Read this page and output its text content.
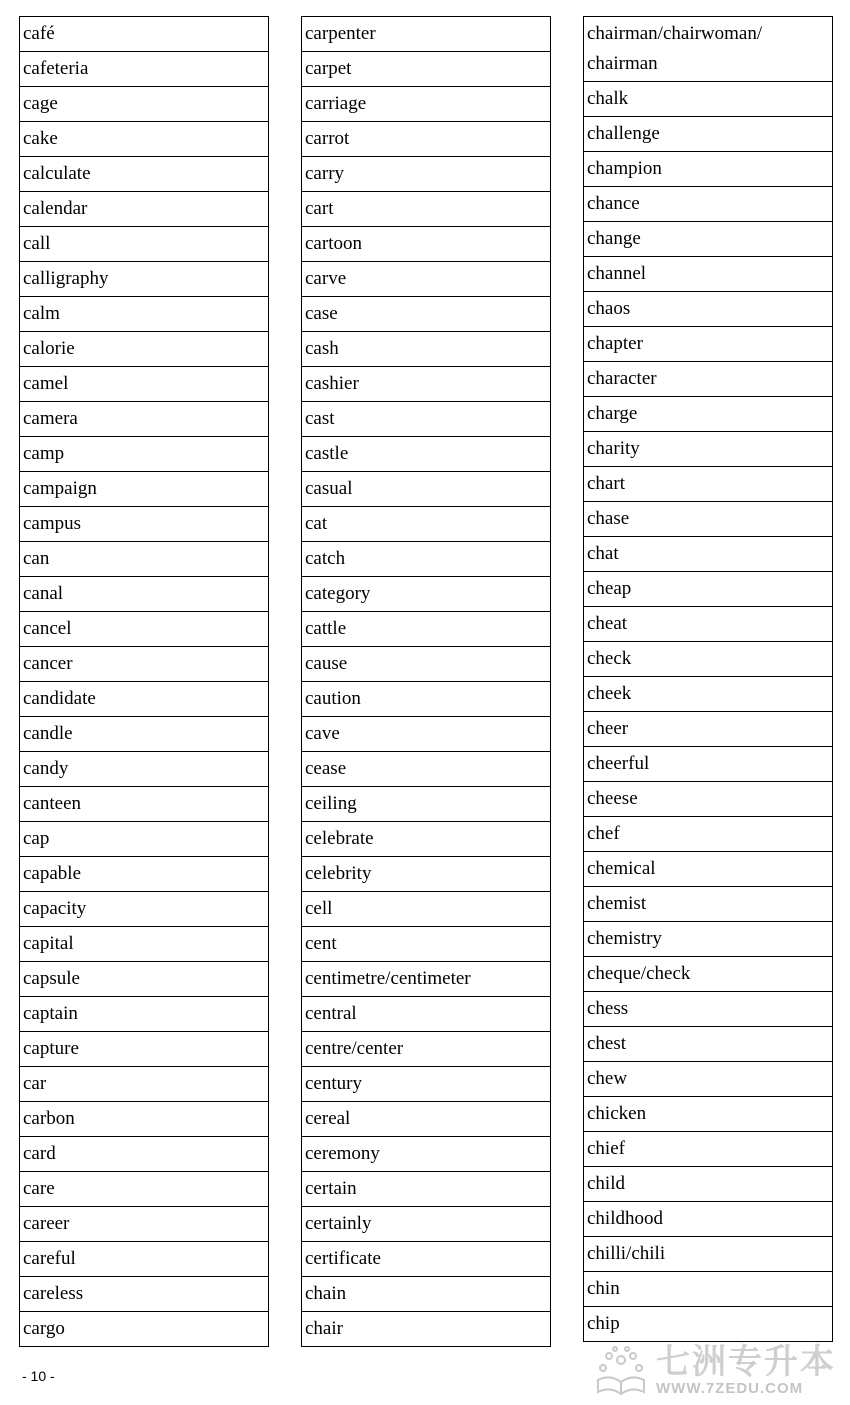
café
cafeteria
cage
cake
calculate
calendar
call
calligraphy
calm
calorie
camel
camera
camp
campaign
campus
can
canal
cancel
cancer
candidate
candle
candy
canteen
cap
capable
capacity
capital
capsule
captain
capture
car
carbon
card
care
career
careful
careless
cargo
carpenter
carpet
carriage
carrot
carry
cart
cartoon
carve
case
cash
cashier
cast
castle
casual
cat
catch
category
cattle
cause
caution
cave
cease
ceiling
celebrate
celebrity
cell
cent
centimetre/centimeter
central
centre/center
century
cereal
ceremony
certain
certainly
certificate
chain
chair
chairman/chairwoman/ chairman
chalk
challenge
champion
chance
change
channel
chaos
chapter
character
charge
charity
chart
chase
chat
cheap
cheat
check
cheek
cheer
cheerful
cheese
chef
chemical
chemist
chemistry
cheque/check
chess
chest
chew
chicken
chief
child
childhood
chilli/chili
chin
chip
- 10 -	七洲专升本
WWW.7ZEDU.COM
